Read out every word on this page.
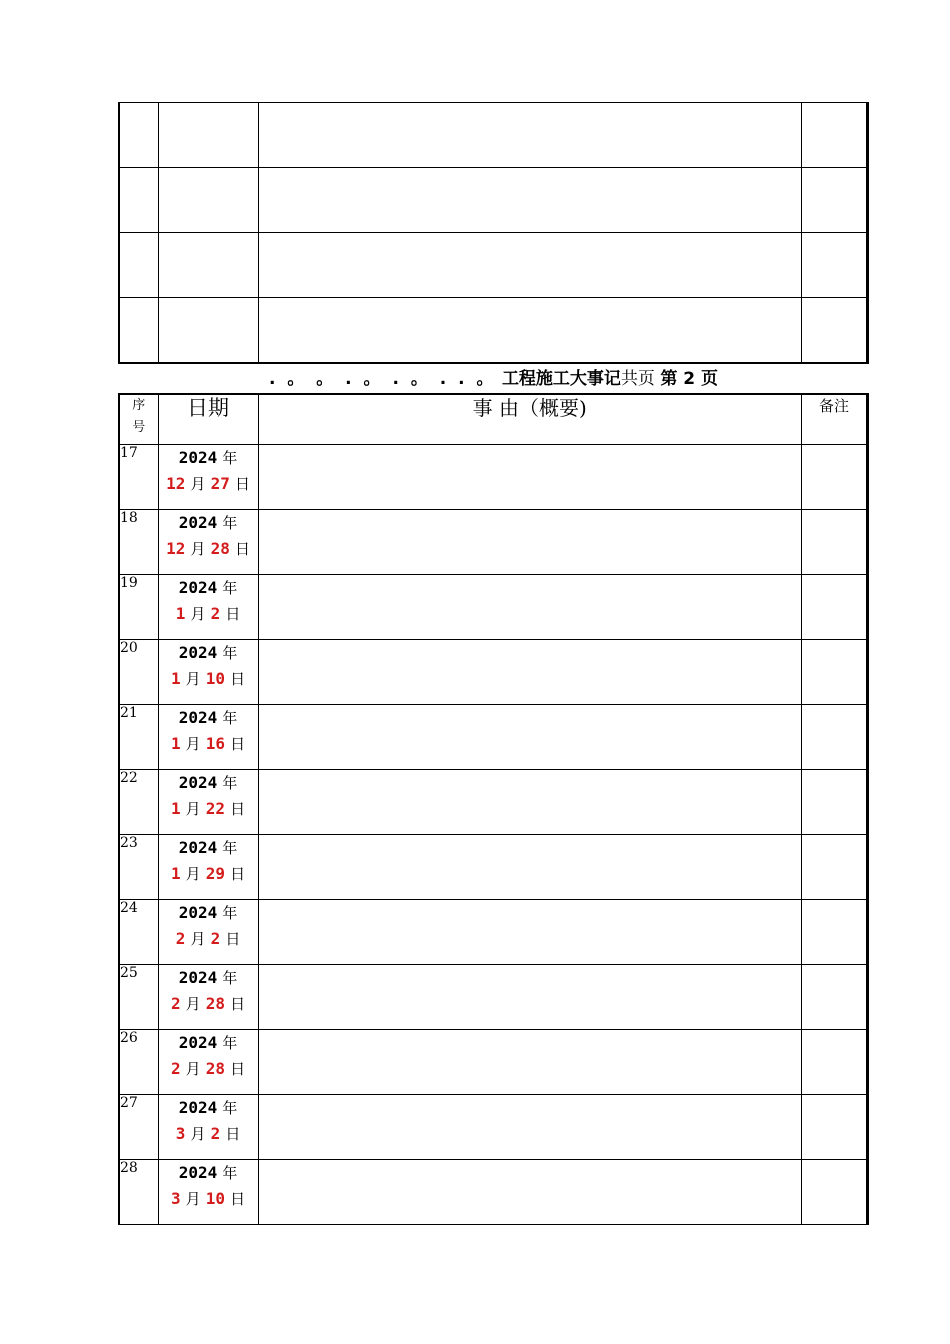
. 。 。 . 。 . 。 . . 。 工程施工大事记共页 第 2 页
序
号	日期	事 由（概要)	备注
17	2024 年
12 月 27 日		

18	2024 年
12 月 28 日		

19	2024 年
1 月 2 日		

20	2024 年
1 月 10 日		

21	2024 年
1 月 16 日		

22	2024 年
1 月 22 日		

23	2024 年
1 月 29 日		

24	2024 年
2 月 2 日		

25	2024 年
2 月 28 日		

26	2024 年
2 月 28 日		

27	2024 年
3 月 2 日		

28	2024 年
3 月 10 日		
